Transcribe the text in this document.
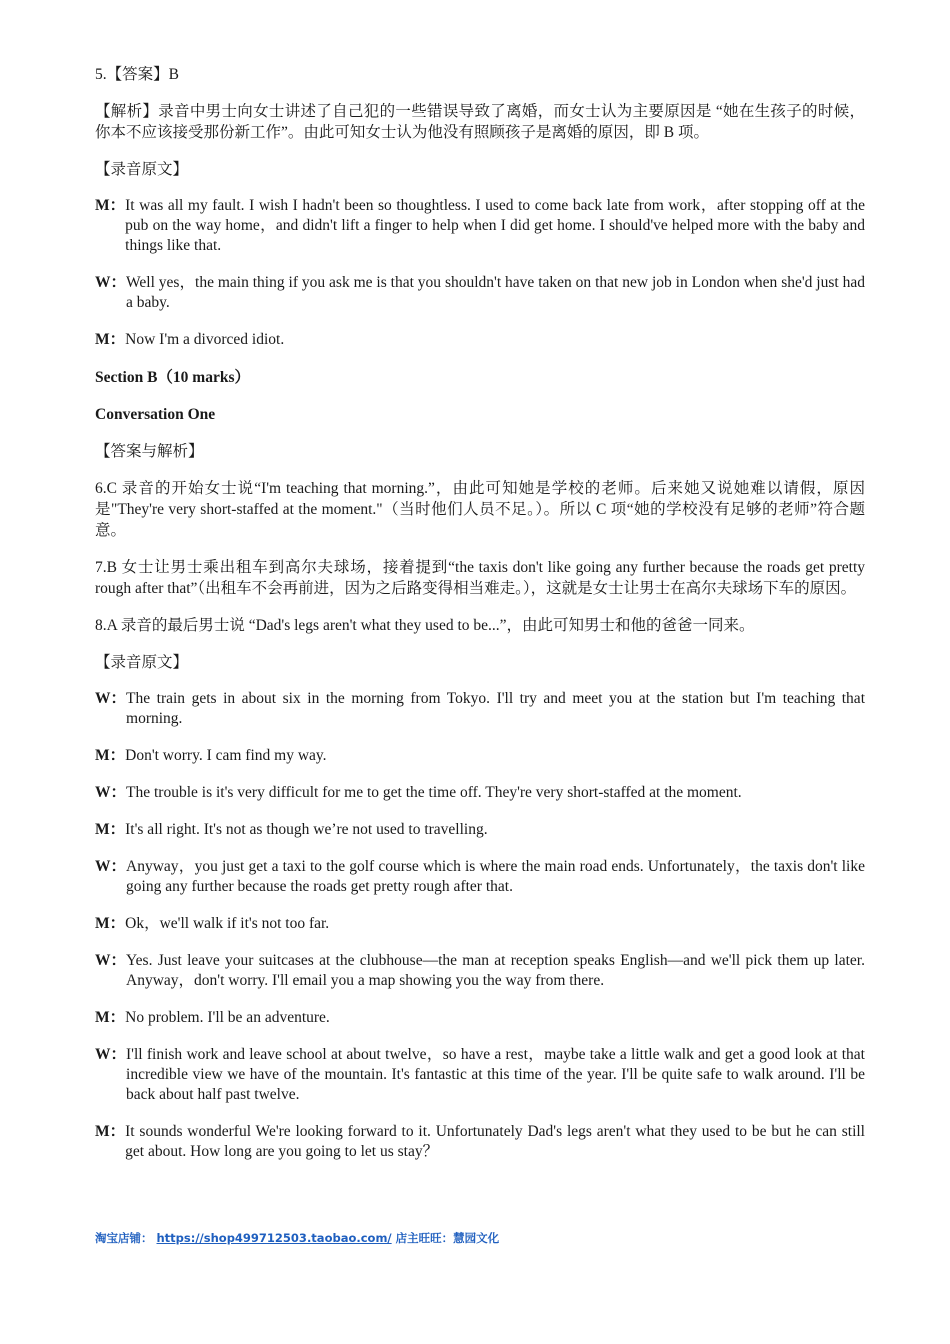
5.【答案】B

【解析】录音中男士向女士讲述了自己犯的一些错误导致了离婚，而女士认为主要原因是 “她在生孩子的时候，你本不应该接受那份新工作”。由此可知女士认为他没有照顾孩子是离婚的原因，即 B 项。

【录音原文】

M： It was all my fault. I wish I hadn't been so thoughtless. I used to come back late from work，after stopping off at the pub on the way home，and didn't lift a finger to help when I did get home. I should've helped more with the baby and things like that.
W： Well yes，the main thing if you ask me is that you shouldn't have taken on that new job in London when she'd just had a baby.
M： Now I'm a divorced idiot.

Section B（10 marks）

Conversation One

【答案与解析】

6.C 录音的开始女士说“I'm teaching that morning.”，由此可知她是学校的老师。后来她又说她难以请假，原因是"They're very short-staffed at the moment."（当时他们人员不足。）。所以 C 项“她的学校没有足够的老师”符合题意。

7.B 女士让男士乘出租车到高尔夫球场，接着提到“the taxis don't like going any further because the roads get pretty rough after that”（出租车不会再前进，因为之后路变得相当难走。），这就是女士让男士在高尔夫球场下车的原因。

8.A 录音的最后男士说 “Dad's legs aren't what they used to be...”，由此可知男士和他的爸爸一同来。

【录音原文】

W： The train gets in about six in the morning from Tokyo. I'll try and meet you at the station but I'm teaching that morning.
M： Don't worry. I cam find my way.
W： The trouble is it's very difficult for me to get the time off. They're very short-staffed at the moment.
M： It's all right. It's not as though we’re not used to travelling.
W： Anyway，you just get a taxi to the golf course which is where the main road ends. Unfortunately，the taxis don't like going any further because the roads get pretty rough after that.
M： Ok，we'll walk if it's not too far.
W： Yes. Just leave your suitcases at the clubhouse—the man at reception speaks English—and we'll pick them up later. Anyway，don't worry. I'll email you a map showing you the way from there.
M： No problem. I'll be an adventure.
W： I'll finish work and leave school at about twelve，so have a rest，maybe take a little walk and get a good look at that incredible view we have of the mountain. It's fantastic at this time of the year. I'll be quite safe to walk around. I'll be back about half past twelve.
M： It sounds wonderful We're looking forward to it. Unfortunately Dad's legs aren't what they used to be but he can still get about. How long are you going to let us stay？
淘宝店铺： https://shop499712503.taobao.com/ 店主旺旺：慧园文化
